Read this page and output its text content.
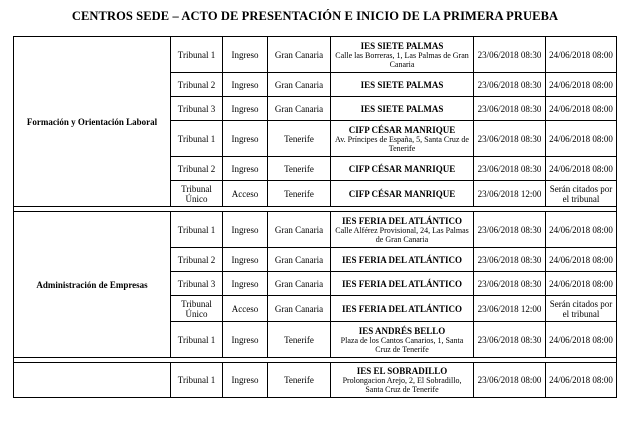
CENTROS SEDE – ACTO DE PRESENTACIÓN E INICIO DE LA PRIMERA PRUEBA
Formación y Orientación Laboral	Tribunal 1	Ingreso	Gran Canaria	IES SIETE PALMAS
Calle las Borreras, 1, Las Palmas de Gran Canaria	23/06/2018 08:30	24/06/2018 08:00
	Tribunal 2	Ingreso	Gran Canaria	IES SIETE PALMAS	23/06/2018 08:30	24/06/2018 08:00
	Tribunal 3	Ingreso	Gran Canaria	IES SIETE PALMAS	23/06/2018 08:30	24/06/2018 08:00
	Tribunal 1	Ingreso	Tenerife	CIFP CÉSAR MANRIQUE
Av. Príncipes de España, 5, Santa Cruz de Tenerife	23/06/2018 08:30	24/06/2018 08:00
	Tribunal 2	Ingreso	Tenerife	CIFP CÉSAR MANRIQUE	23/06/2018 08:30	24/06/2018 08:00
	Tribunal Único	Acceso	Tenerife	CIFP CÉSAR MANRIQUE	23/06/2018 12:00	Serán citados por el tribunal

Administración de Empresas	Tribunal 1	Ingreso	Gran Canaria	IES FERIA DEL ATLÁNTICO
Calle Alférez Provisional, 24, Las Palmas de Gran Canaria	23/06/2018 08:30	24/06/2018 08:00
	Tribunal 2	Ingreso	Gran Canaria	IES FERIA DEL ATLÁNTICO	23/06/2018 08:30	24/06/2018 08:00
	Tribunal 3	Ingreso	Gran Canaria	IES FERIA DEL ATLÁNTICO	23/06/2018 08:30	24/06/2018 08:00
	Tribunal Único	Acceso	Gran Canaria	IES FERIA DEL ATLÁNTICO	23/06/2018 12:00	Serán citados por el tribunal
	Tribunal 1	Ingreso	Tenerife	IES ANDRÉS BELLO
Plaza de los Cantos Canarios, 1, Santa Cruz de Tenerife	23/06/2018 08:30	24/06/2018 08:00

	Tribunal 1	Ingreso	Tenerife	IES EL SOBRADILLO
Prolongacion Arejo, 2, El Sobradillo, Santa Cruz de Tenerife	23/06/2018 08:00	24/06/2018 08:00
